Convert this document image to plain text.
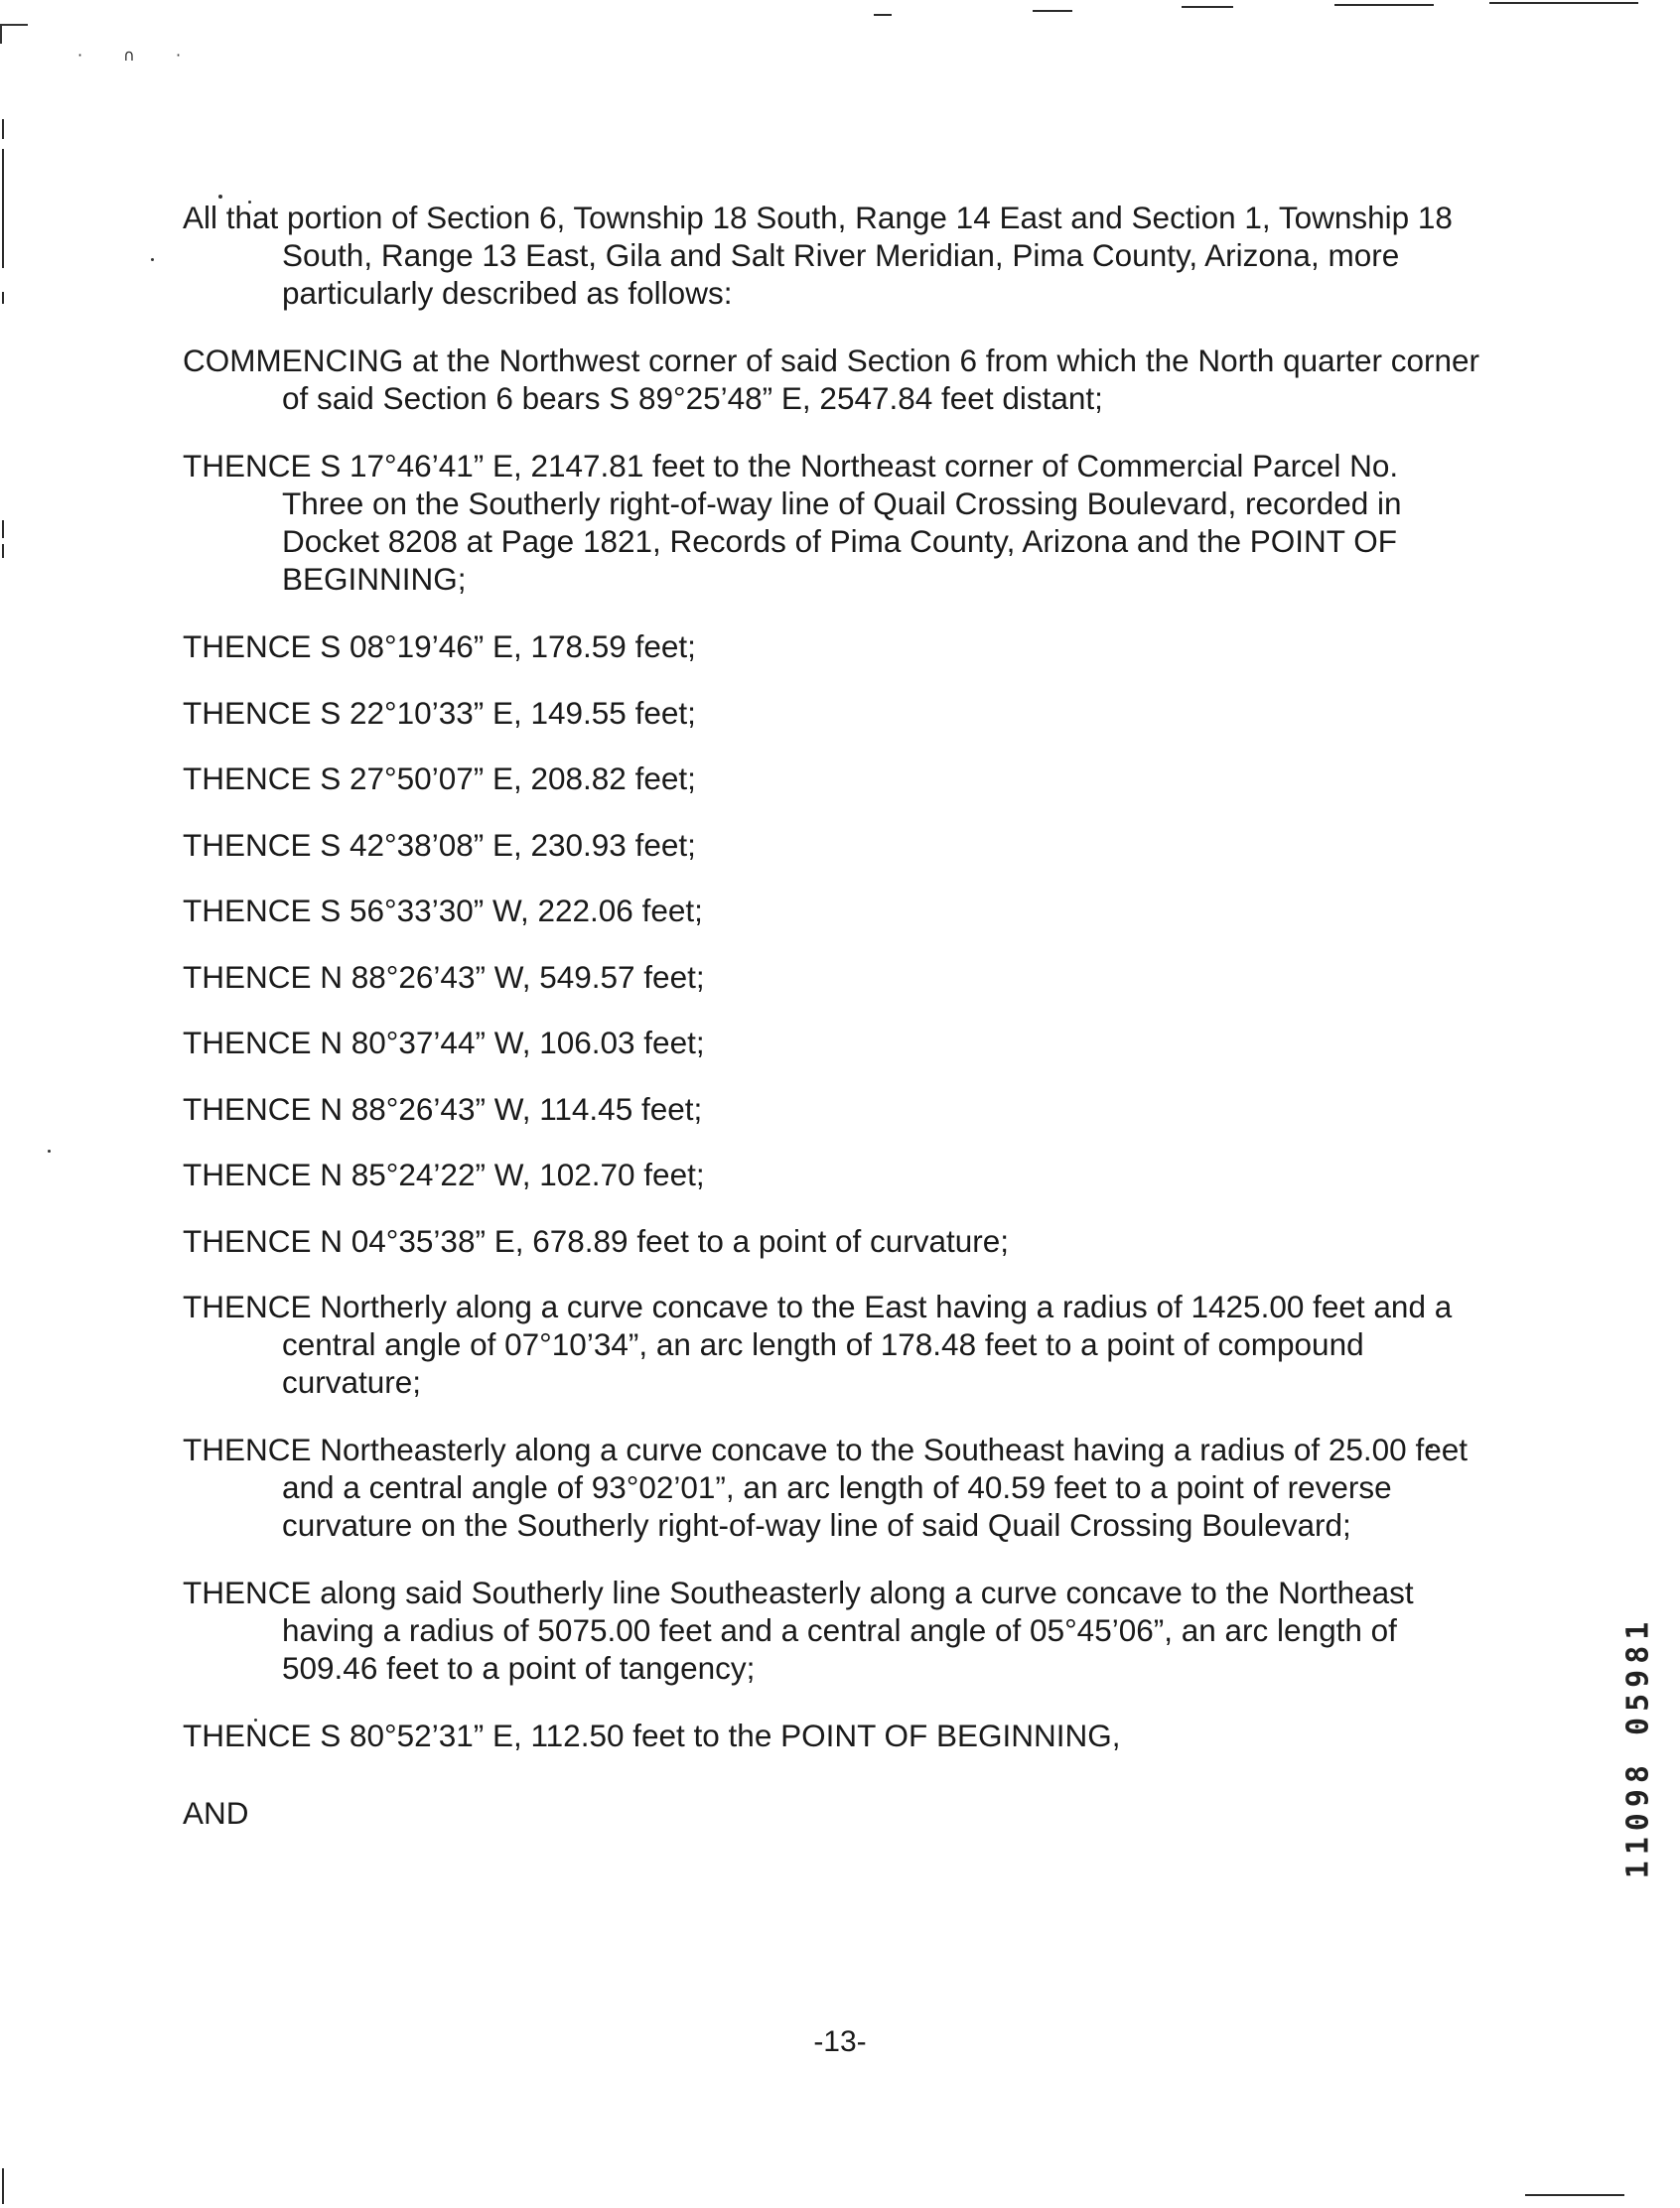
· ∩ ·

All that portion of Section 6, Township 18 South, Range 14 East and Section 1, Township 18 South, Range 13 East, Gila and Salt River Meridian, Pima County, Arizona, more particularly described as follows:

COMMENCING at the Northwest corner of said Section 6 from which the North quarter corner of said Section 6 bears S 89°25’48” E, 2547.84 feet distant;

THENCE S 17°46’41” E, 2147.81 feet to the Northeast corner of Commercial Parcel No. Three on the Southerly right-of-way line of Quail Crossing Boulevard, recorded in Docket 8208 at Page 1821, Records of Pima County, Arizona and the POINT OF BEGINNING;

THENCE S 08°19’46” E, 178.59 feet;

THENCE S 22°10’33” E, 149.55 feet;

THENCE S 27°50’07” E, 208.82 feet;

THENCE S 42°38’08” E, 230.93 feet;

THENCE S 56°33’30” W, 222.06 feet;

THENCE N 88°26’43” W, 549.57 feet;

THENCE N 80°37’44” W, 106.03 feet;

THENCE N 88°26’43” W, 114.45 feet;

THENCE N 85°24’22” W, 102.70 feet;

THENCE N 04°35’38” E, 678.89 feet to a point of curvature;

THENCE Northerly along a curve concave to the East having a radius of 1425.00 feet and a central angle of 07°10’34”, an arc length of 178.48 feet to a point of compound curvature;

THENCE Northeasterly along a curve concave to the Southeast having a radius of 25.00 feet and a central angle of 93°02’01”, an arc length of 40.59 feet to a point of reverse curvature on the Southerly right-of-way line of said Quail Crossing Boulevard;

THENCE along said Southerly line Southeasterly along a curve concave to the Northeast having a radius of 5075.00 feet and a central angle of 05°45’06”, an arc length of 509.46 feet to a point of tangency;

THENCE S 80°52’31” E, 112.50 feet to the POINT OF BEGINNING,

AND

-13-
11098 05981
